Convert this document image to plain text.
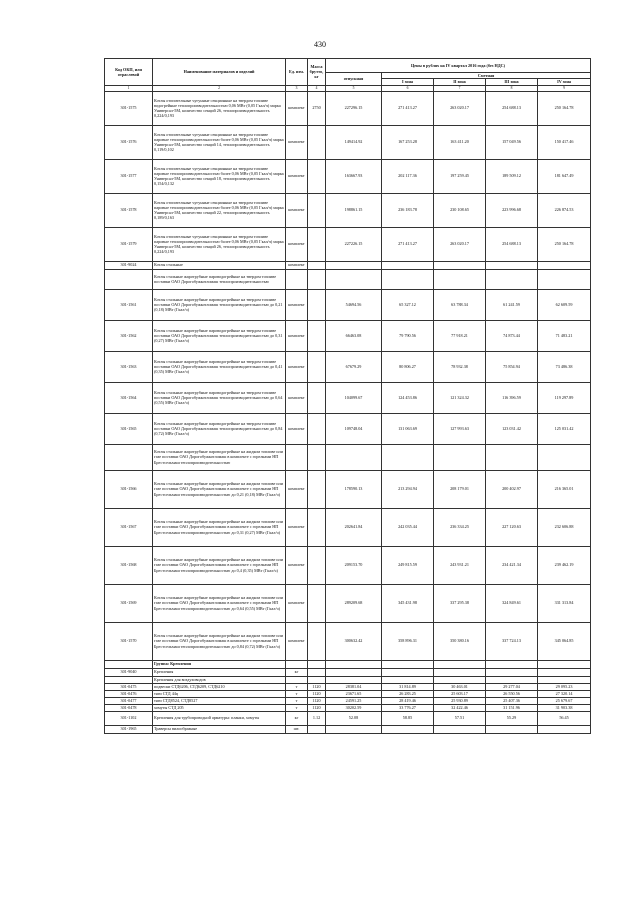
430
Код ОКП, или отраслевой	Наименование материалов и изделий	Ед. изм.	Масса брутто, кг	Цены в рублях на IV квартал 2016 года (без НДС)				
				отпускная	Сметная			
					I зона	II зона	III зона	IV зона
1	2	3	4	5	6	7	8	9
301-1575	Котлы отопительные чугунные секционные на твердом топливе водогрейные теплопроизводительностью 0,06 МВт (0,05 Гкал/ч) марка Универсал-5М, количество секций 26, теплопроизводительность 0,224/0,193	комплект	2750	227296.15	271 413.27	263 020.17	254 688.13	250 164.78
301-1576	Котлы отопительные чугунные секционные на твердом топливе паровые теплопроизводительностью более 0,06 МВт (0,05 Гкал/ч) марка Универсал-5М, количество секций 14, теплопроизводительность 0,119/0,102	комплект		149414.92	167 253.28	163 411.20	157 049.56	150 417.46
301-1577	Котлы отопительные чугунные секционные на твердом топливе паровые теплопроизводительностью более 0,06 МВт (0,05 Гкал/ч) марка Универсал-5М, количество секций 18, теплопроизводительность 0,154/0,132	комплект		163667.93	202 117.36	197 259.45	189 509.12	181 647.49
301-1578	Котлы отопительные чугунные секционные на твердом топливе паровые теплопроизводительностью более 0,06 МВт (0,05 Гкал/ч) марка Универсал-5М, количество секций 22, теплопроизводительность 0,189/0,163	комплект		198861.15	236 183.78	230 108.65	223 996.68	226 874.53
301-1579	Котлы отопительные чугунные секционные на твердом топливе паровые теплопроизводительностью более 0,06 МВт (0,05 Гкал/ч) марка Универсал-5М, количество секций 26, теплопроизводительность 0,224/0,193	комплект		227226.15	271 413.27	263 020.17	254 688.13	250 164.78
301-9024	Котлы стальные	комплект						
	Котлы стальные жаротрубные пароводогрейные на твердом топливе поставки ОАО Дорогобужкотломаш теплопроизводительностью							
301-1561	Котлы стальные жаротрубные пароводогрейные на твердом топливе поставки ОАО Дорогобужкотломаш теплопроизводительностью до 0,21 (0,18) МВт (Гкал/ч)	комплект		54694.56	65 327.12	63 788.34	61 241.59	62 609.59
301-1562	Котлы стальные жаротрубные пароводогрейные на твердом топливе поставки ОАО Дорогобужкотломаш теплопроизводительностью до 0,31 (0,27) МВт (Гкал/ч)	комплект		66463.08	79 790.56	77 918.21	74 873.44	71 483.21
301-1563	Котлы стальные жаротрубные пароводогрейные на твердом топливе поставки ОАО Дорогобужкотломаш теплопроизводительностью до 0,41 (0,35) МВт (Гкал/ч)	комплект		67679.29	80 806.27	78 932.38	75 854.94	73 486.38
301-1564	Котлы стальные жаротрубные пароводогрейные на твердом топливе поставки ОАО Дорогобужкотломаш теплопроизводительностью до 0,64 (0,55) МВт (Гкал/ч)	комплект		104099.67	124 453.86	121 324.32	116 396.59	119 297.89
301-1565	Котлы стальные жаротрубные пароводогрейные на твердом топливе поставки ОАО Дорогобужкотломаш теплопроизводительностью до 0,84 (0,72) МВт (Гкал/ч)	комплект		109748.04	131 063.69	127 993.63	123 031.42	125 031.42
	Котлы стальные жаротрубные пароводогрейные на жидком топливе или газе поставки ОАО Дорогобужкотломаш в комплекте с горелками НП Брестсельмаш теплопроизводительностью							
301-1566	Котлы стальные жаротрубные пароводогрейные на жидком топливе или газе поставки ОАО Дорогобужкотломаш в комплекте с горелками НП Брестсельмаш теплопроизводительностью до 0,21 (0,18) МВт (Гкал/ч)	комплект		178590.13	213 294.94	208 179.01	200 402.97	216 365.01
301-1567	Котлы стальные жаротрубные пароводогрейные на жидком топливе или газе поставки ОАО Дорогобужкотломаш в комплекте с горелками НП Брестсельмаш теплопроизводительностью до 0,31 (0,27) МВт (Гкал/ч)	комплект		202641.84	242 035.44	236 334.25	227 120.63	232 606.88
301-1568	Котлы стальные жаротрубные пароводогрейные на жидком топливе или газе поставки ОАО Дорогобужкотломаш в комплекте с горелками НП Брестсельмаш теплопроизводительностью до 0,4 (0,35) МВт (Гкал/ч)	комплект		209153.70	249 815.59	243 931.21	234 421.34	239 462.19
301-1569	Котлы стальные жаротрубные пароводогрейные на жидком топливе или газе поставки ОАО Дорогобужкотломаш в комплекте с горелками НП Брестсельмаш теплопроизводительностью до 0,64 (0,55) МВт (Гкал/ч)	комплект		289209.68	345 431.98	337 295.38	324 849.61	331 313.84
301-1570	Котлы стальные жаротрубные пароводогрейные на жидком топливе или газе поставки ОАО Дорогобужкотломаш в комплекте с горелками НП Брестсельмаш теплопроизводительностью до 0,84 (0,72) МВт (Гкал/ч)	комплект		300632.42	358 896.31	350 380.16	337 724.13	345 064.85
	Группа: Крепления							
301-9040	Крепления	кг						
	Крепления для воздуховодов							
301-0475	подвески СТД6206, СТД6209, СТД6210	т	1120	28381.04	31 814.89	30 463.01	29 277.04	29 095.23
301-0476	тяги СТД 44ц	т	1120	23671.65	26 283.25	25 603.17	26 550.56	27 320.14
301-0477	тяги СТД8524, СТД8527	т	1120	24591.25	28 419.46	25 930.89	25 407.36	25 679.67
301-0478	хомуты СТД 205	т	1120	30202.59	33 776.27	32 422.46	31 151.96	31 903.38
301-1102	Крепления для трубопроводной арматуры: планки, хомуты	кг	1.12	52.08	58.85	57.51	55.29	56.45
301-1965	Траверсы вилообразные	шт.						
